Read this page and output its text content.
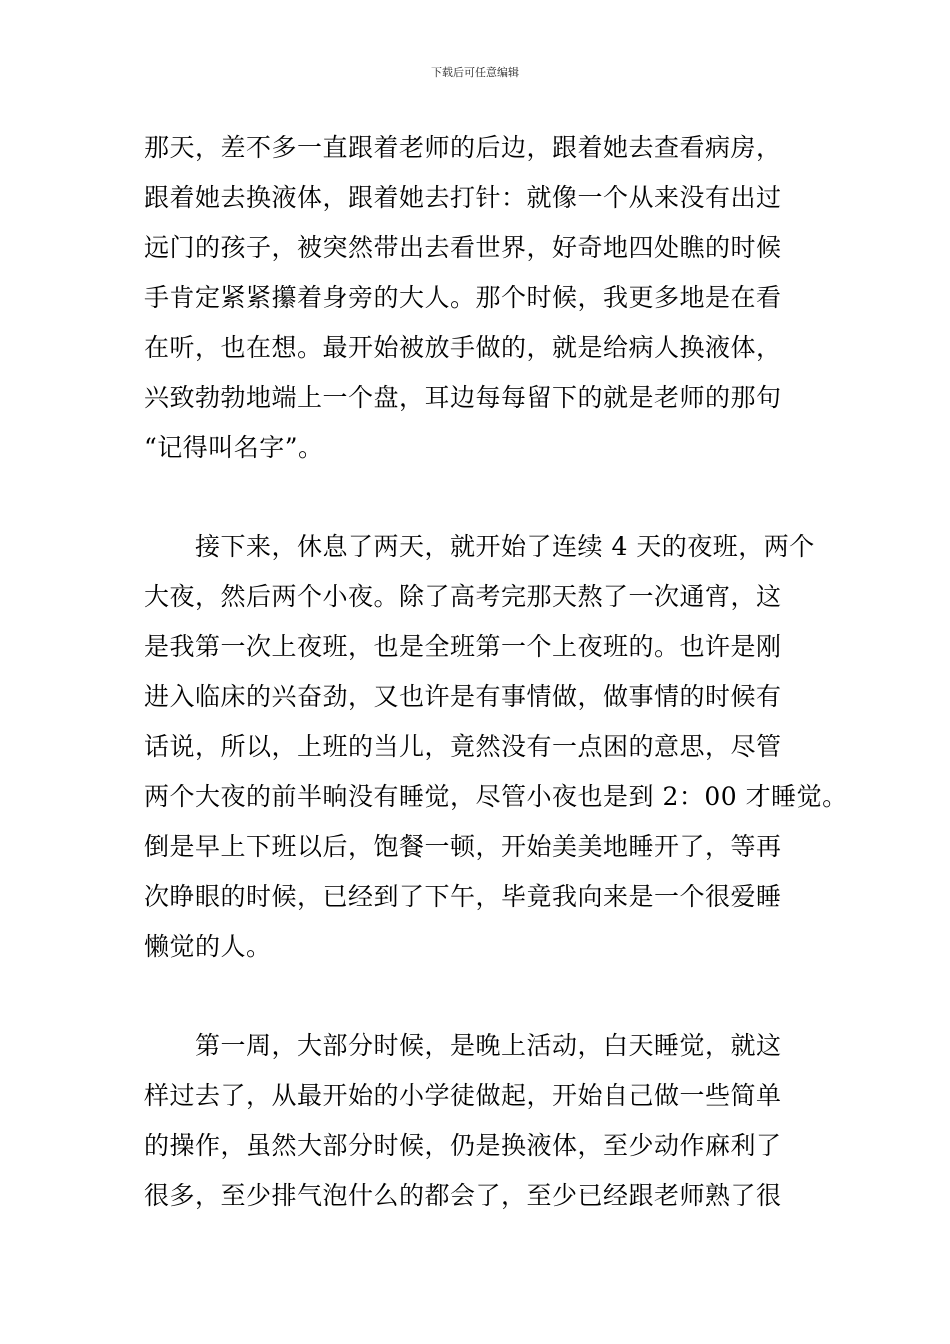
下载后可任意编辑
那天，差不多一直跟着老师的后边，跟着她去查看病房，
跟着她去换液体，跟着她去打针：就像一个从来没有出过
远门的孩子，被突然带出去看世界，好奇地四处瞧的时候
手肯定紧紧攥着身旁的大人。那个时候，我更多地是在看
在听，也在想。最开始被放手做的，就是给病人换液体，
兴致勃勃地端上一个盘，耳边每每留下的就是老师的那句
“记得叫名字”。
接下来，休息了两天，就开始了连续 4 天的夜班，两个
大夜，然后两个小夜。除了高考完那天熬了一次通宵，这
是我第一次上夜班，也是全班第一个上夜班的。也许是刚
进入临床的兴奋劲，又也许是有事情做，做事情的时候有
话说，所以，上班的当儿，竟然没有一点困的意思，尽管
两个大夜的前半晌没有睡觉，尽管小夜也是到 2：00 才睡觉。
倒是早上下班以后，饱餐一顿，开始美美地睡开了，等再
次睁眼的时候，已经到了下午，毕竟我向来是一个很爱睡
懒觉的人。
第一周，大部分时候，是晚上活动，白天睡觉，就这
样过去了，从最开始的小学徒做起，开始自己做一些简单
的操作，虽然大部分时候，仍是换液体，至少动作麻利了
很多，至少排气泡什么的都会了，至少已经跟老师熟了很
